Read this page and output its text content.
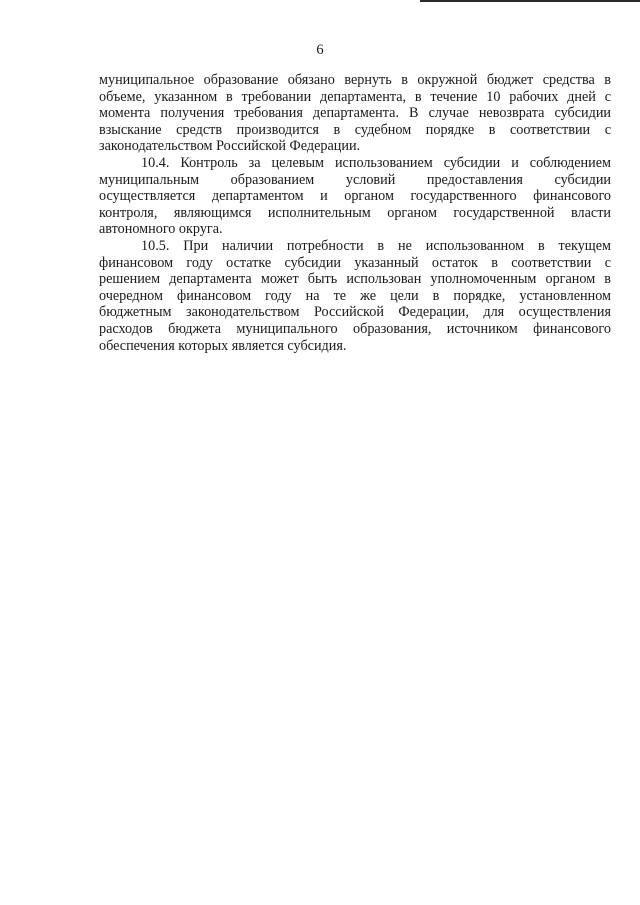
6
муниципальное образование обязано вернуть в окружной бюджет средства в
объеме, указанном в требовании департамента, в течение 10 рабочих дней с
момента получения требования департамента. В случае невозврата субсидии
взыскание средств производится в судебном порядке в соответствии с
законодательством Российской Федерации.
10.4. Контроль за целевым использованием субсидии и соблюдением
муниципальным образованием условий предоставления субсидии
осуществляется департаментом и органом государственного финансового
контроля, являющимся исполнительным органом государственной власти
автономного округа.
10.5. При наличии потребности в не использованном в текущем
финансовом году остатке субсидии указанный остаток в соответствии с
решением департамента может быть использован уполномоченным органом в
очередном финансовом году на те же цели в порядке, установленном
бюджетным законодательством Российской Федерации, для осуществления
расходов бюджета муниципального образования, источником финансового
обеспечения которых является субсидия.
